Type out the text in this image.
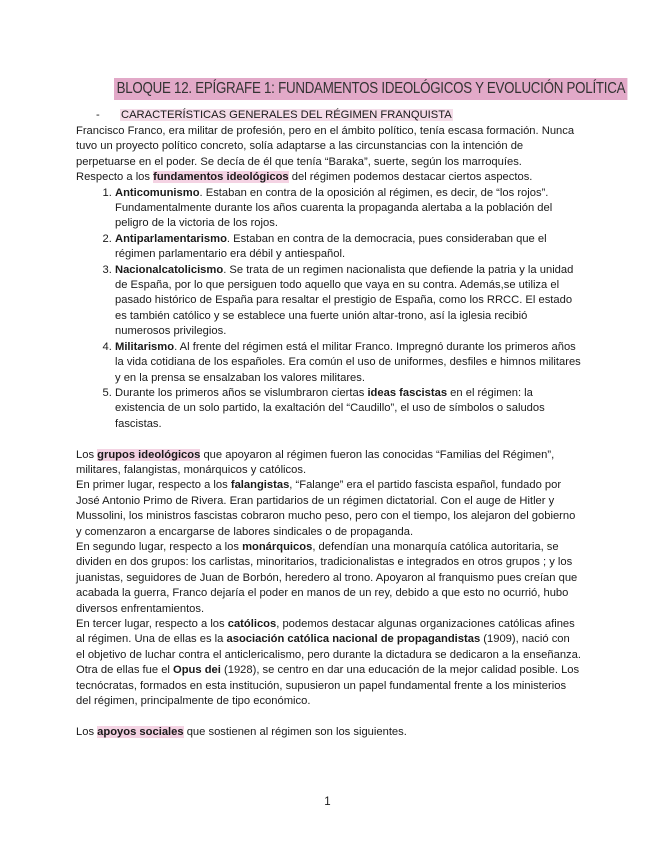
BLOQUE 12. EPÍGRAFE 1: FUNDAMENTOS IDEOLÓGICOS Y EVOLUCIÓN POLÍTICA
- CARACTERÍSTICAS GENERALES DEL RÉGIMEN FRANQUISTA

Francisco Franco, era militar de profesión, pero en el ámbito político, tenía escasa formación. Nunca tuvo un proyecto político concreto, solía adaptarse a las circunstancias con la intención de perpetuarse en el poder. Se decía de él que tenía “Baraka”, suerte, según los marroquíes.
Respecto a los fundamentos ideológicos del régimen podemos destacar ciertos aspectos.

1. Anticomunismo. Estaban en contra de la oposición al régimen, es decir, de “los rojos”. Fundamentalmente durante los años cuarenta la propaganda alertaba a la población del peligro de la victoria de los rojos.
2. Antiparlamentarismo. Estaban en contra de la democracia, pues consideraban que el régimen parlamentario era débil y antiespañol.
3. Nacionalcatolicismo. Se trata de un regimen nacionalista que defiende la patria y la unidad de España, por lo que persiguen todo aquello que vaya en su contra. Además,se utiliza el pasado histórico de España para resaltar el prestigio de España, como los RRCC. El estado es también católico y se establece una fuerte unión altar-trono, así la iglesia recibió numerosos privilegios.
4. Militarismo. Al frente del régimen está el militar Franco. Impregnó durante los primeros años la vida cotidiana de los españoles. Era común el uso de uniformes, desfiles e himnos militares y en la prensa se ensalzaban los valores militares.
5. Durante los primeros años se vislumbraron ciertas ideas fascistas en el régimen: la existencia de un solo partido, la exaltación del “Caudillo”, el uso de símbolos o saludos fascistas.

Los grupos ideológicos que apoyaron al régimen fueron las conocidas “Familias del Régimen”, militares, falangistas, monárquicos y católicos.

En primer lugar, respecto a los falangistas, “Falange” era el partido fascista español, fundado por José Antonio Primo de Rivera. Eran partidarios de un régimen dictatorial. Con el auge de Hitler y Mussolini, los ministros fascistas cobraron mucho peso, pero con el tiempo, los alejaron del gobierno y comenzaron a encargarse de labores sindicales o de propaganda.

En segundo lugar, respecto a los monárquicos, defendían una monarquía católica autoritaria, se dividen en dos grupos: los carlistas, minoritarios, tradicionalistas e integrados en otros grupos ; y los juanistas, seguidores de Juan de Borbón, heredero al trono. Apoyaron al franquismo pues creían que acabada la guerra, Franco dejaría el poder en manos de un rey, debido a que esto no ocurrió, hubo diversos enfrentamientos.

En tercer lugar, respecto a los católicos, podemos destacar algunas organizaciones católicas afines al régimen. Una de ellas es la asociación católica nacional de propagandistas (1909), nació con el objetivo de luchar contra el anticlericalismo, pero durante la dictadura se dedicaron a la enseñanza. Otra de ellas fue el Opus dei (1928), se centro en dar una educación de la mejor calidad posible. Los tecnócratas, formados en esta institución, supusieron un papel fundamental frente a los ministerios del régimen, principalmente de tipo económico.

Los apoyos sociales que sostienen al régimen son los siguientes.

1
